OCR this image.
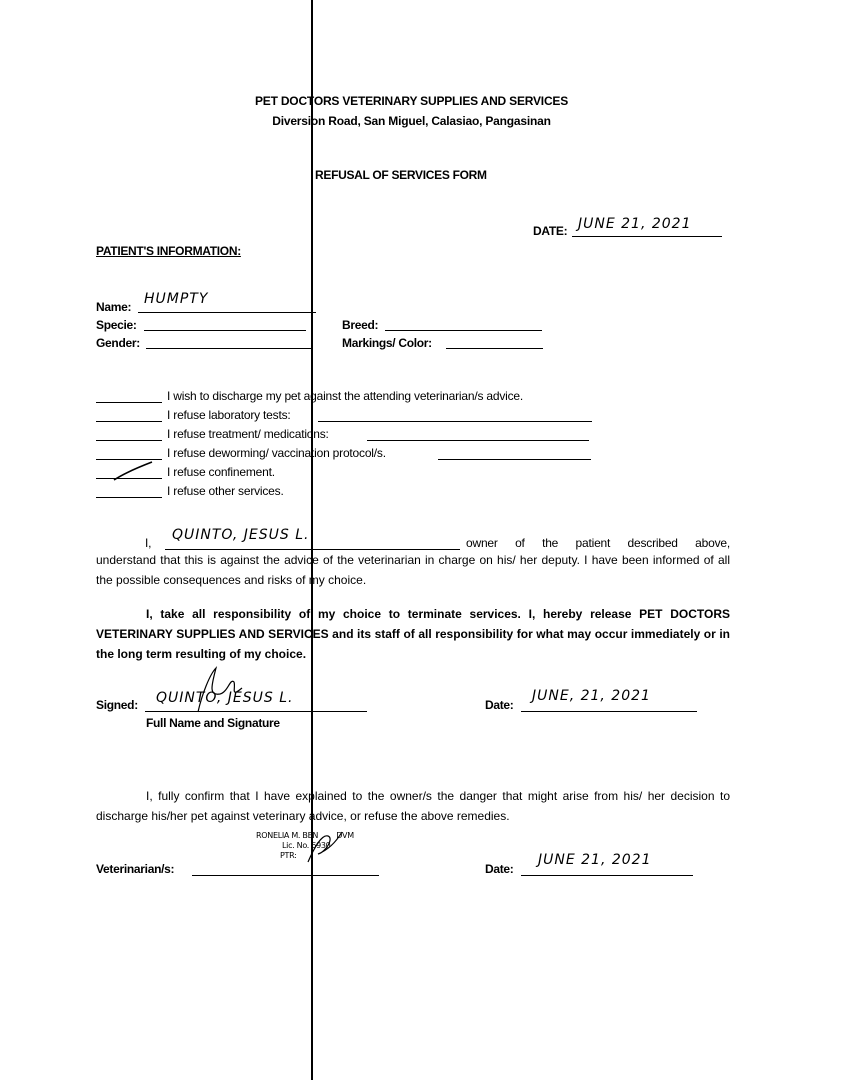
PET DOCTORS VETERINARY SUPPLIES AND SERVICES
Diversion Road, San Miguel, Calasiao, Pangasinan
REFUSAL OF SERVICES FORM
DATE: JUNE 21, 2021
PATIENT'S INFORMATION:
Name: HUMPTY
Specie:
Gender:
Breed:
Markings/ Color:
I wish to discharge my pet against the attending veterinarian/s advice.
I refuse laboratory tests:
I refuse treatment/ medications:
I refuse deworming/ vaccination protocol/s.
I refuse confinement.
I refuse other services.
I, QUINTO, JESUS L.	owner of the patient described above,
understand that this is against the advice of the veterinarian in charge on his/ her deputy. I have been informed of all the possible consequences and risks of my choice.
I, take all responsibility of my choice to terminate services. I, hereby release PET DOCTORS VETERINARY SUPPLIES AND SERVICES and its staff of all responsibility for what may occur immediately or in the long term resulting of my choice.
Signed: QUINTO, JESUS L.
Full Name and Signature
Date:
JUNE, 21, 2021
I, fully confirm that I have explained to the owner/s the danger that might arise from his/ her decision to discharge his/her pet against veterinary advice, or refuse the above remedies.
RONELIA M. BEN DVM
Lic. No. 6930
PTR:
Veterinarian/s:	Date:
JUNE 21, 2021
